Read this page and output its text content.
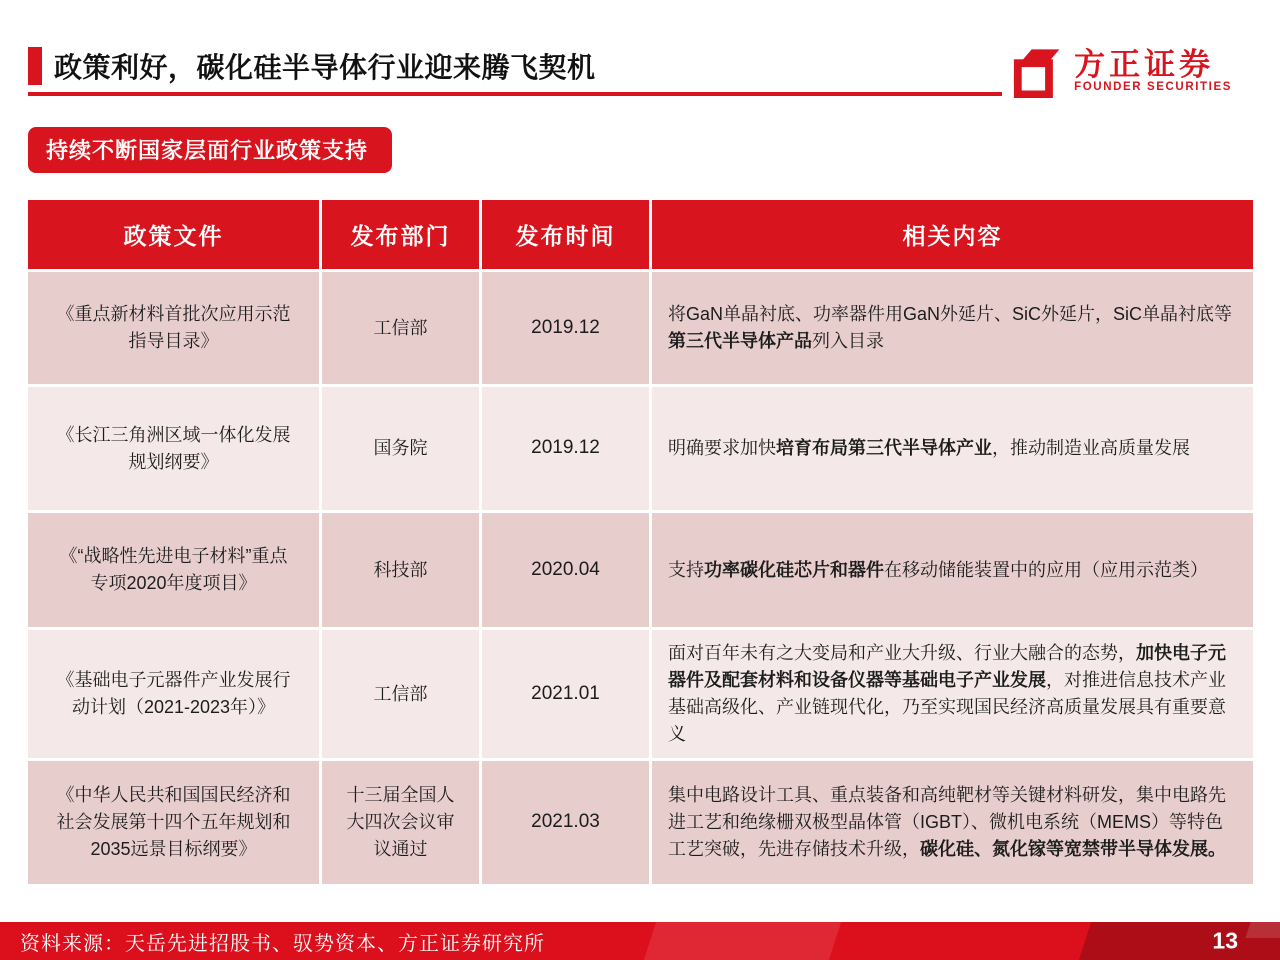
政策利好，碳化硅半导体行业迎来腾飞契机	方正证券
FOUNDER SECURITIES
持续不断国家层面行业政策支持
政策文件	发布部门	发布时间	相关内容
《重点新材料首批次应用示范指导目录》	工信部	2019.12	将GaN单晶衬底、功率器件用GaN外延片、SiC外延片，SiC单晶衬底等第三代半导体产品列入目录
《长江三角洲区域一体化发展规划纲要》	国务院	2019.12	明确要求加快培育布局第三代半导体产业，推动制造业高质量发展
《“战略性先进电子材料”重点专项2020年度项目》	科技部	2020.04	支持功率碳化硅芯片和器件在移动储能装置中的应用（应用示范类）
《基础电子元器件产业发展行动计划（2021-2023年）》	工信部	2021.01	面对百年未有之大变局和产业大升级、行业大融合的态势，加快电子元器件及配套材料和设备仪器等基础电子产业发展，对推进信息技术产业基础高级化、产业链现代化，乃至实现国民经济高质量发展具有重要意义
《中华人民共和国国民经济和社会发展第十四个五年规划和2035远景目标纲要》	十三届全国人大四次会议审议通过	2021.03	集中电路设计工具、重点装备和高纯靶材等关键材料研发，集中电路先进工艺和绝缘栅双极型晶体管（IGBT）、微机电系统（MEMS）等特色工艺突破，先进存储技术升级，碳化硅、氮化镓等宽禁带半导体发展。
资料来源：天岳先进招股书、驭势资本、方正证券研究所	13
